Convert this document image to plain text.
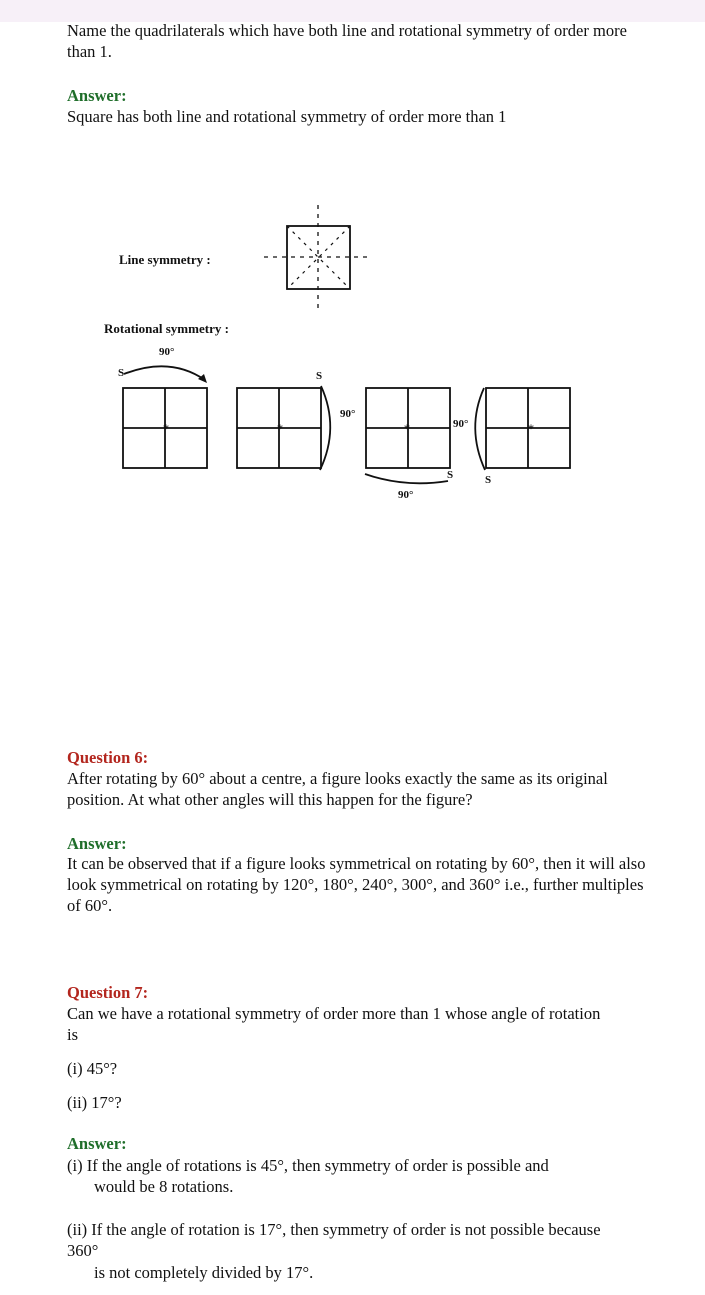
Name the quadrilaterals which have both line and rotational symmetry of order more than 1.

Answer:

Square has both line and rotational symmetry of order more than 1

Line symmetry :
Rotational symmetry :
*	*	*	*
90°
90°
90°
90°
S	S
S	S

Question 6:

After rotating by 60° about a centre, a figure looks exactly the same as its original position. At what other angles will this happen for the figure?

Answer:

It can be observed that if a figure looks symmetrical on rotating by 60°, then it will also look symmetrical on rotating by 120°, 180°, 240°, 300°, and 360° i.e., further multiples of 60°.

Question 7:

Can we have a rotational symmetry of order more than 1 whose angle of rotation is

(i) 45°?

(ii) 17°?

Answer:

(i) If the angle of rotations is 45°, then symmetry of order is possible and

would be 8 rotations.

(ii) If the angle of rotation is 17°, then symmetry of order is not possible because 360°

is not completely divided by 17°.
